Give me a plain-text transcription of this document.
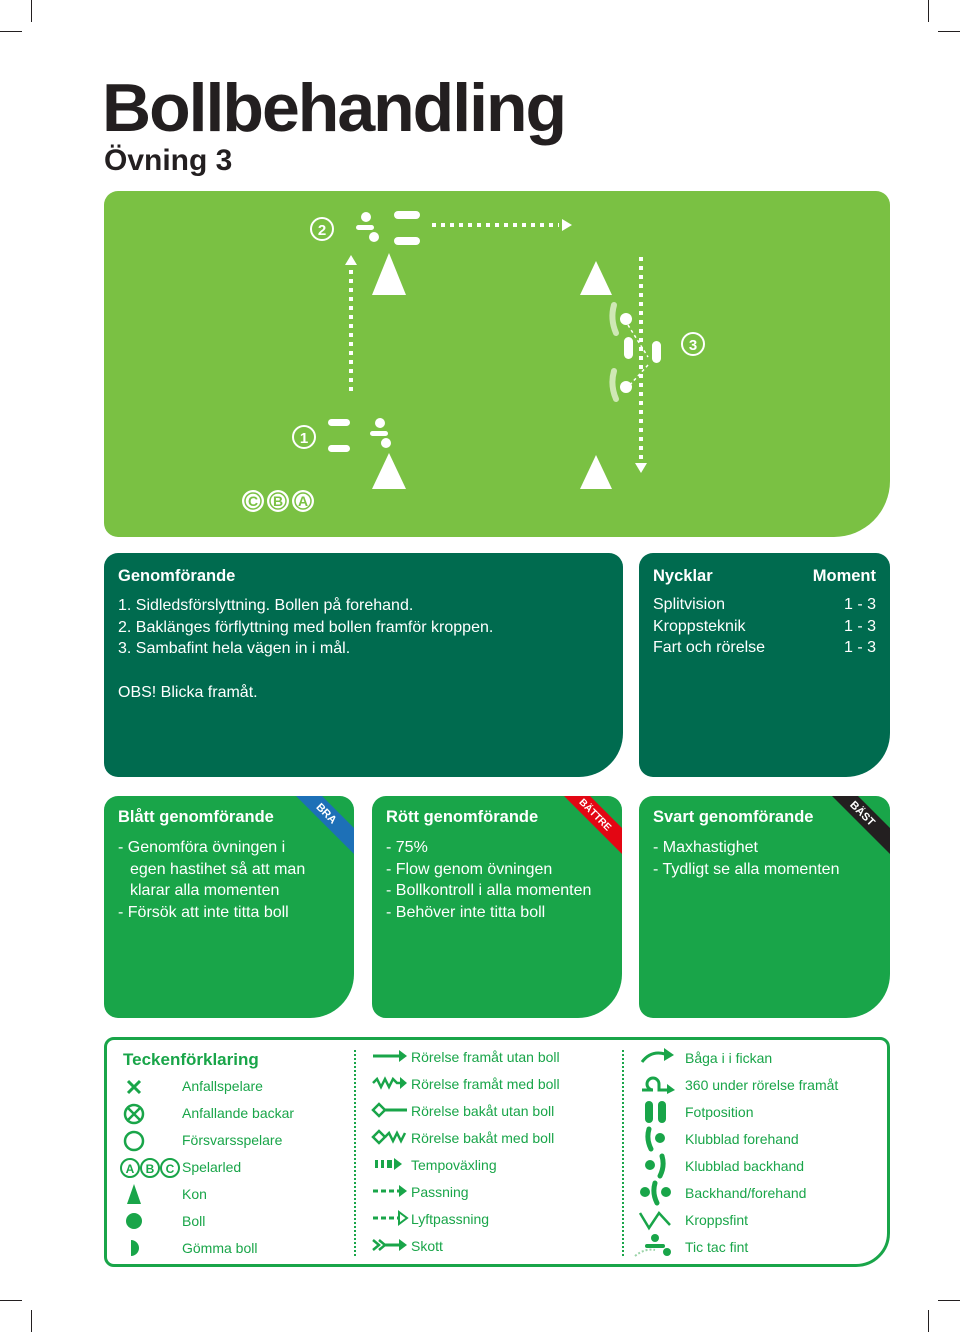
Bollbehandling
Övning 3
2
1
3
C B A
Genomförande
1. Sidledsförslyttning. Bollen på forehand.
2. Baklänges förflyttning med bollen framför kroppen.
3. Sambafint hela vägen in i mål.
OBS! Blicka framåt.
Nycklar	Moment
Splitvision	1 - 3
Kroppsteknik	1 - 3
Fart och rörelse	1 - 3
Blått genomförande	BRA
- Genomföra övningen i
egen hastihet så att man
klarar alla momenten
- Försök att inte titta boll
Rött genomförande	BÄTTRE
- 75%
- Flow genom övningen
- Bollkontroll i alla momenten
- Behöver inte titta boll
Svart genomförande	BÄST
- Maxhastighet
- Tydligt se alla momenten
Teckenförklaring
Anfallspelare
Anfallande backar
Försvarsspelare
A B C Spelarled
Kon
Boll
Gömma boll
Rörelse framåt utan boll
Rörelse framåt med boll
Rörelse bakåt utan boll
Rörelse bakåt med boll
Tempoväxling
Passning
Lyftpassning
Skott
Båga i i fickan
360 under rörelse framåt
Fotposition
Klubblad forehand
Klubblad backhand
Backhand/forehand
Kroppsfint
Tic tac fint
